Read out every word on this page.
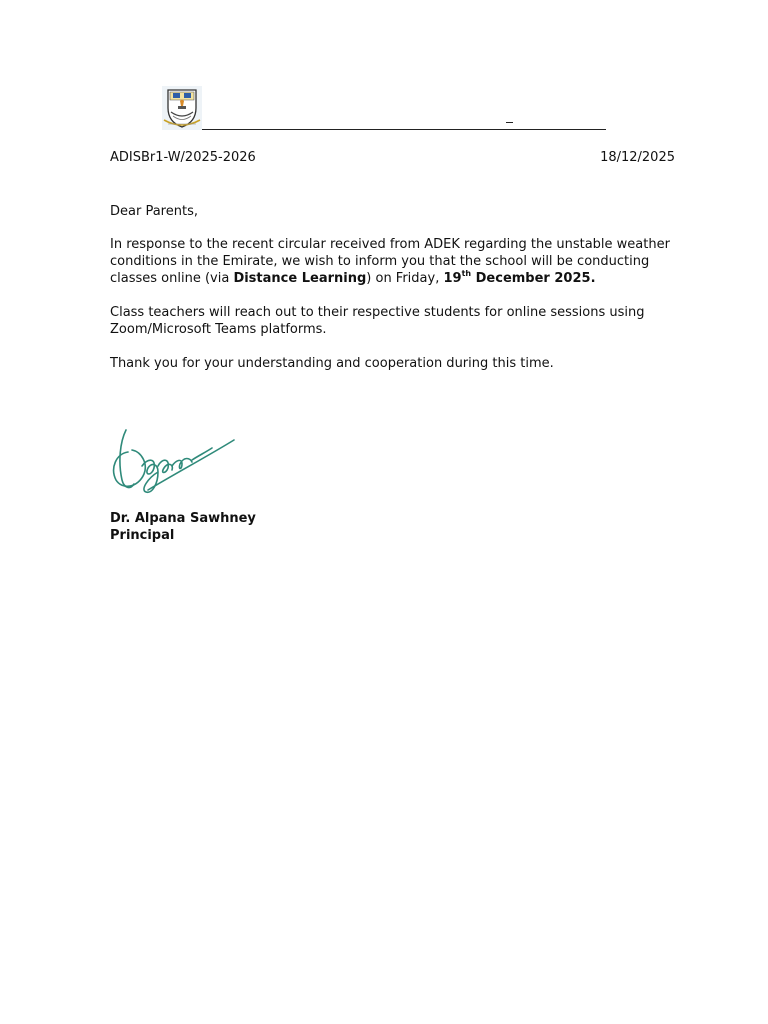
ADISBr1-W/2025-2026	18/12/2025
Dear Parents,
In response to the recent circular received from ADEK regarding the unstable weather
conditions in the Emirate, we wish to inform you that the school will be conducting
classes online (via Distance Learning) on Friday, 19th December 2025.
Class teachers will reach out to their respective students for online sessions using
Zoom/Microsoft Teams platforms.
Thank you for your understanding and cooperation during this time.
Dr. Alpana Sawhney
Principal
